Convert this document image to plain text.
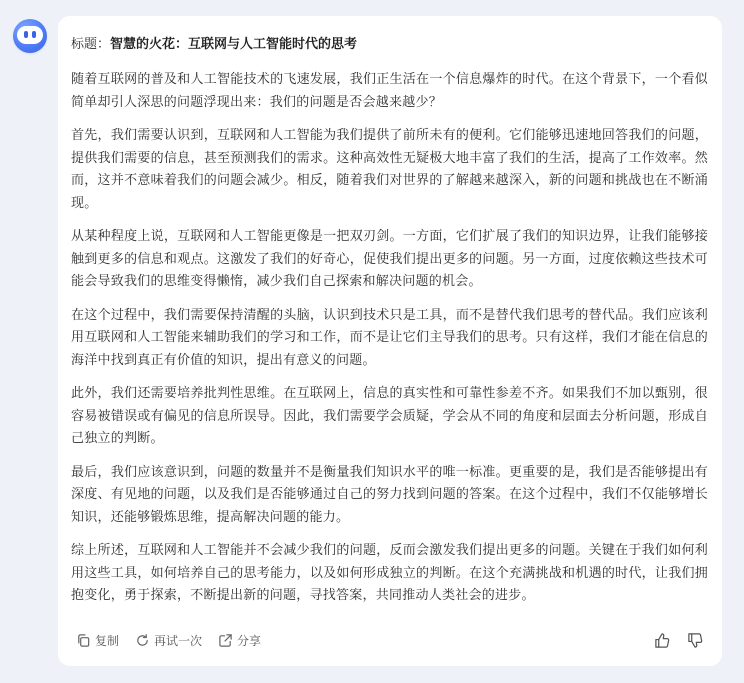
标题：智慧的火花：互联网与人工智能时代的思考

随着互联网的普及和人工智能技术的飞速发展，我们正生活在一个信息爆炸的时代。在这个背景下，一个看似简单却引人深思的问题浮现出来：我们的问题是否会越来越少？

首先，我们需要认识到，互联网和人工智能为我们提供了前所未有的便利。它们能够迅速地回答我们的问题，提供我们需要的信息，甚至预测我们的需求。这种高效性无疑极大地丰富了我们的生活，提高了工作效率。然而，这并不意味着我们的问题会减少。相反，随着我们对世界的了解越来越深入，新的问题和挑战也在不断涌现。

从某种程度上说，互联网和人工智能更像是一把双刃剑。一方面，它们扩展了我们的知识边界，让我们能够接触到更多的信息和观点。这激发了我们的好奇心，促使我们提出更多的问题。另一方面，过度依赖这些技术可能会导致我们的思维变得懒惰，减少我们自己探索和解决问题的机会。

在这个过程中，我们需要保持清醒的头脑，认识到技术只是工具，而不是替代我们思考的替代品。我们应该利用互联网和人工智能来辅助我们的学习和工作，而不是让它们主导我们的思考。只有这样，我们才能在信息的海洋中找到真正有价值的知识，提出有意义的问题。

此外，我们还需要培养批判性思维。在互联网上，信息的真实性和可靠性参差不齐。如果我们不加以甄别，很容易被错误或有偏见的信息所误导。因此，我们需要学会质疑，学会从不同的角度和层面去分析问题，形成自己独立的判断。

最后，我们应该意识到，问题的数量并不是衡量我们知识水平的唯一标准。更重要的是，我们是否能够提出有深度、有见地的问题，以及我们是否能够通过自己的努力找到问题的答案。在这个过程中，我们不仅能够增长知识，还能够锻炼思维，提高解决问题的能力。

综上所述，互联网和人工智能并不会减少我们的问题，反而会激发我们提出更多的问题。关键在于我们如何利用这些工具，如何培养自己的思考能力，以及如何形成独立的判断。在这个充满挑战和机遇的时代，让我们拥抱变化，勇于探索，不断提出新的问题，寻找答案，共同推动人类社会的进步。

复制	再试一次	分享
